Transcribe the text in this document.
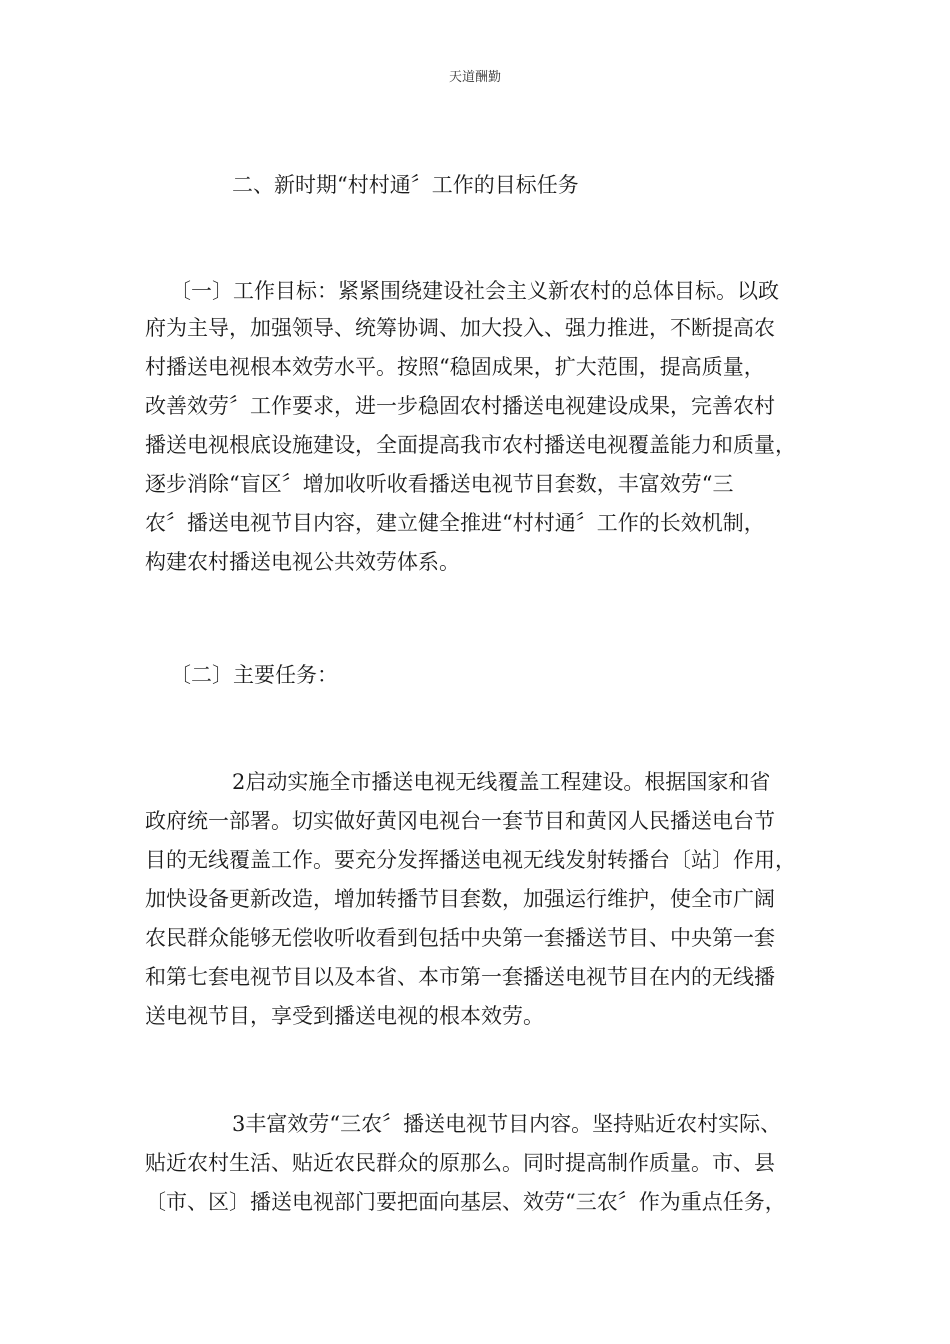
天道酬勤
二、新时期“村村通〞工作的目标任务
〔一〕工作目标：紧紧围绕建设社会主义新农村的总体目标。以政
府为主导，加强领导、统筹协调、加大投入、强力推进，不断提高农
村播送电视根本效劳水平。按照“稳固成果，扩大范围，提高质量，
改善效劳〞工作要求，进一步稳固农村播送电视建设成果，完善农村
播送电视根底设施建设，全面提高我市农村播送电视覆盖能力和质量，
逐步消除“盲区〞增加收听收看播送电视节目套数，丰富效劳“三
农〞播送电视节目内容，建立健全推进“村村通〞工作的长效机制，
构建农村播送电视公共效劳体系。
〔二〕主要任务：
2启动实施全市播送电视无线覆盖工程建设。根据国家和省
政府统一部署。切实做好黄冈电视台一套节目和黄冈人民播送电台节
目的无线覆盖工作。要充分发挥播送电视无线发射转播台〔站〕作用，
加快设备更新改造，增加转播节目套数，加强运行维护，使全市广阔
农民群众能够无偿收听收看到包括中央第一套播送节目、中央第一套
和第七套电视节目以及本省、本市第一套播送电视节目在内的无线播
送电视节目，享受到播送电视的根本效劳。
3丰富效劳“三农〞播送电视节目内容。坚持贴近农村实际、
贴近农村生活、贴近农民群众的原那么。同时提高制作质量。市、县
〔市、区〕播送电视部门要把面向基层、效劳“三农〞作为重点任务，
